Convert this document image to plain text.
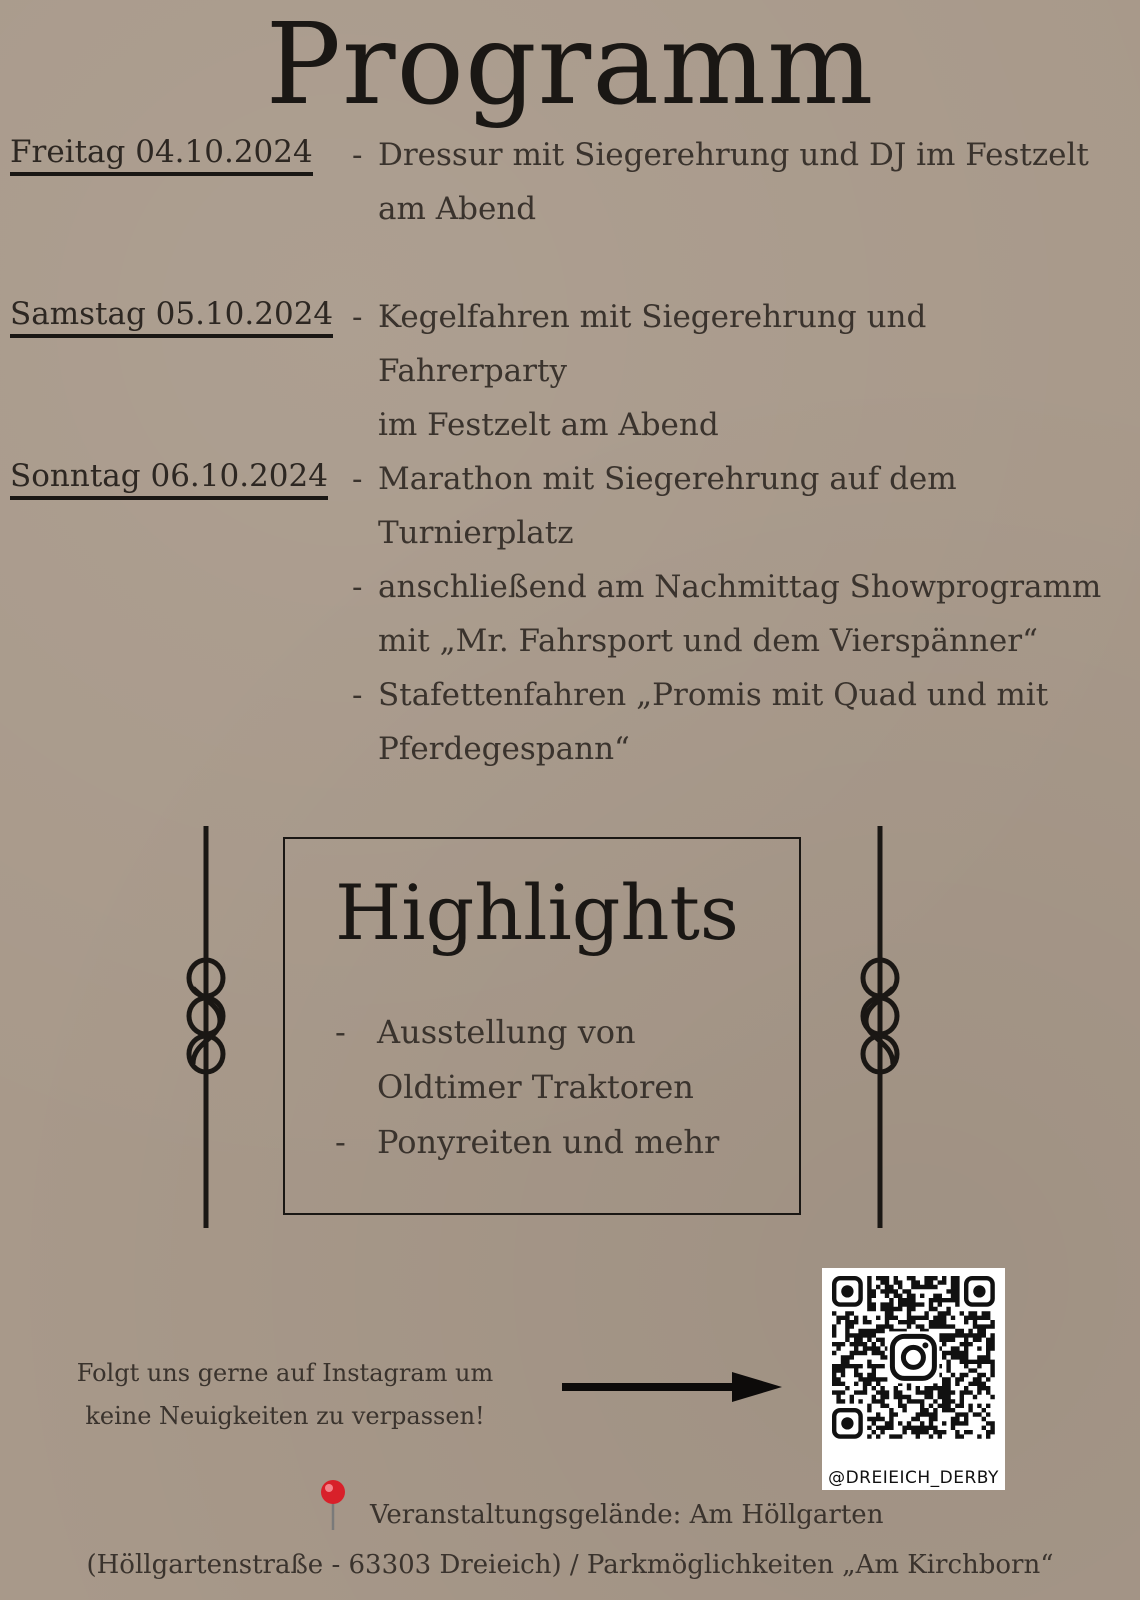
Programm
Freitag 04.10.2024 - Dressur mit Siegerehrung und DJ im Festzelt
am Abend
Samstag 05.10.2024 - Kegelfahren mit Siegerehrung und Fahrerparty
im Festzelt am Abend
Sonntag 06.10.2024 - Marathon mit Siegerehrung auf dem
Turnierplatz
- anschließend am Nachmittag Showprogramm
mit „Mr. Fahrsport und dem Vierspänner“
- Stafettenfahren „Promis mit Quad und mit
Pferdegespann“
Highlights
- Ausstellung von
Oldtimer Traktoren
- Ponyreiten und mehr
Folgt uns gerne auf Instagram um
keine Neuigkeiten zu verpassen!
@DREIEICH_DERBY
Veranstaltungsgelände: Am Höllgarten
(Höllgartenstraße - 63303 Dreieich) / Parkmöglichkeiten „Am Kirchborn“
